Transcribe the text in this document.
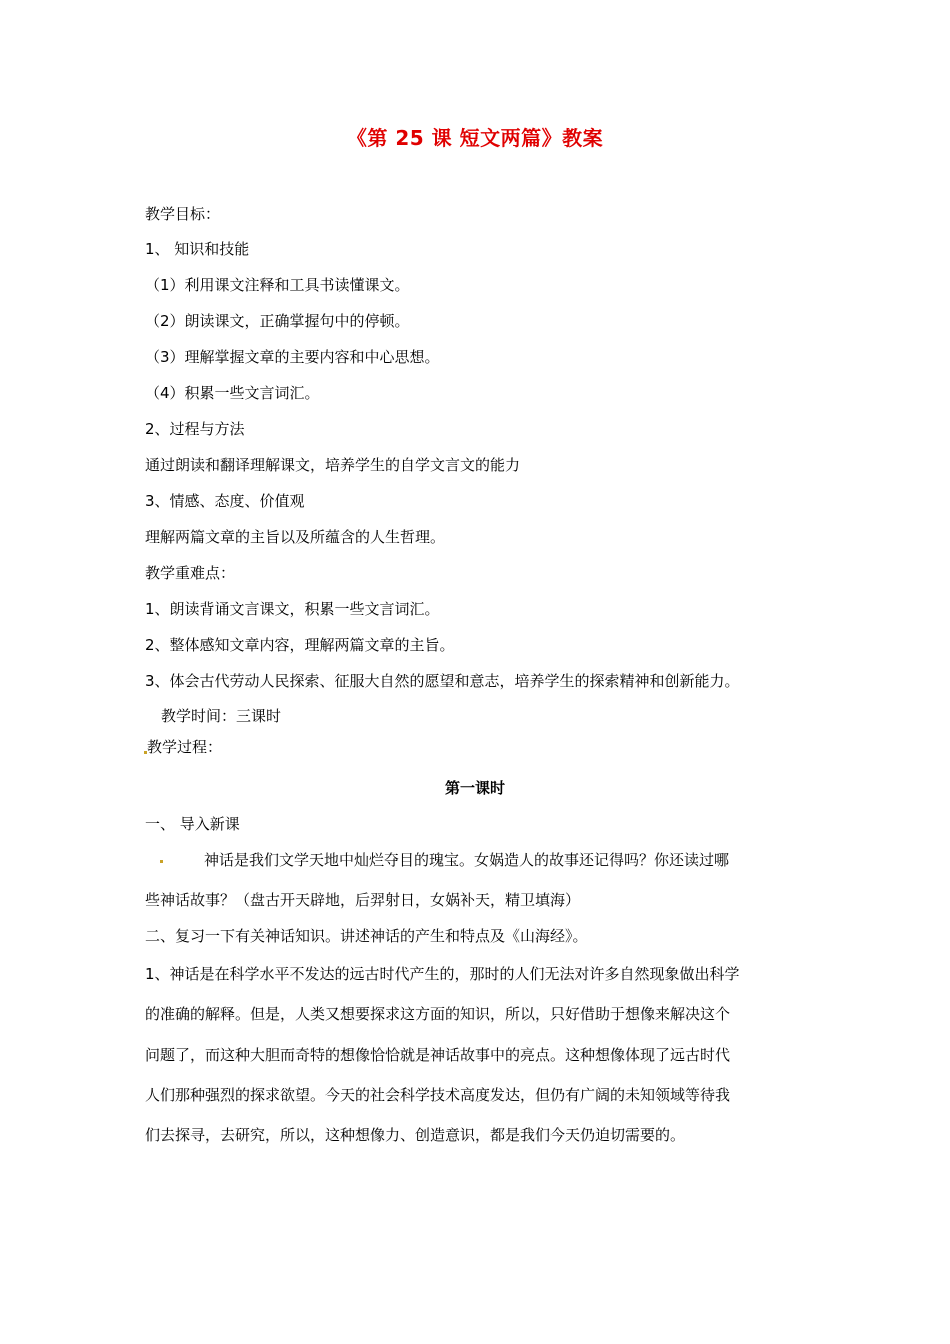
《第 25 课 短文两篇》教案
教学目标：
1、 知识和技能
（1）利用课文注释和工具书读懂课文。
（2）朗读课文，正确掌握句中的停顿。
（3）理解掌握文章的主要内容和中心思想。
（4）积累一些文言词汇。
2、过程与方法
通过朗读和翻译理解课文，培养学生的自学文言文的能力
3、情感、态度、价值观
理解两篇文章的主旨以及所蕴含的人生哲理。
教学重难点：
1、朗读背诵文言课文，积累一些文言词汇。
2、整体感知文章内容，理解两篇文章的主旨。
3、体会古代劳动人民探索、征服大自然的愿望和意志，培养学生的探索精神和创新能力。
教学时间：三课时
教学过程：
第一课时
一、 导入新课
神话是我们文学天地中灿烂夺目的瑰宝。女娲造人的故事还记得吗？你还读过哪
些神话故事？（盘古开天辟地，后羿射日，女娲补天，精卫填海）
二、复习一下有关神话知识。讲述神话的产生和特点及《山海经》。
1、神话是在科学水平不发达的远古时代产生的，那时的人们无法对许多自然现象做出科学
的准确的解释。但是，人类又想要探求这方面的知识，所以，只好借助于想像来解决这个
问题了，而这种大胆而奇特的想像恰恰就是神话故事中的亮点。这种想像体现了远古时代
人们那种强烈的探求欲望。今天的社会科学技术高度发达，但仍有广阔的未知领域等待我
们去探寻，去研究，所以，这种想像力、创造意识，都是我们今天仍迫切需要的。
